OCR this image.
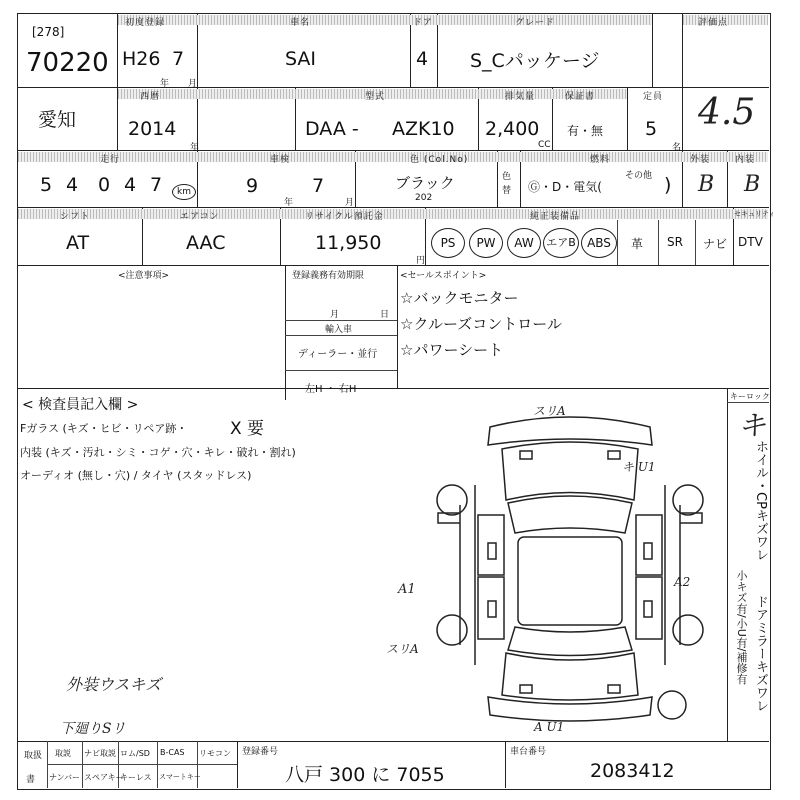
[278]
70220
初度登録
H26 7
年 月
車名
SAI
ドア
4
グレード
S_Cパッケージ
評価点
4.5
愛知
西暦
2014
年
型式
DAA - AZK10
排気量
2,400
CC
保証書
有・無
定員
5
名
走行
5 4 0 4 7	km
車検
9
年
7
月
色 (Col.No)
ブラック
202
色替
燃料
Ⓖ・D・電気(
その他 )
外装
B
内装
B
シフト
AT
エアコン
AAC
リサイクル預託金
11,950
円
純正装備品	セキュリティ
PS	PW	AW	エアB ABS	革 SR ナビ DTV
<注意事項>	登録義務有効期限
月	日
輸入車
ディーラー・並行
左H ・ 右H
<セールスポイント>
☆バックモニター
☆クルーズコントロール
☆パワーシート
< 検査員記入欄 >
Fガラス (キズ・ヒビ・リペア跡・	X 要
内装 (キズ・汚れ・シミ・コゲ・穴・キレ・破れ・割れ)
オーディオ (無し・穴) / タイヤ (スタッドレス)
外装ウスキズ
下廻りSリ
スリA
キ U1
A1	A2
スリA
A U1
キーロック
キ
ホイル・CPキズワレ
ドアミラーキズワレ
小キズ有/小U有/補修有
取扱
書
取説 ナビ取説 ロム/SD B-CAS リモコン
ナンバー スペアキー
キーレス スマートキー
登録番号
八戸 300 に 7055
車台番号
2083412
